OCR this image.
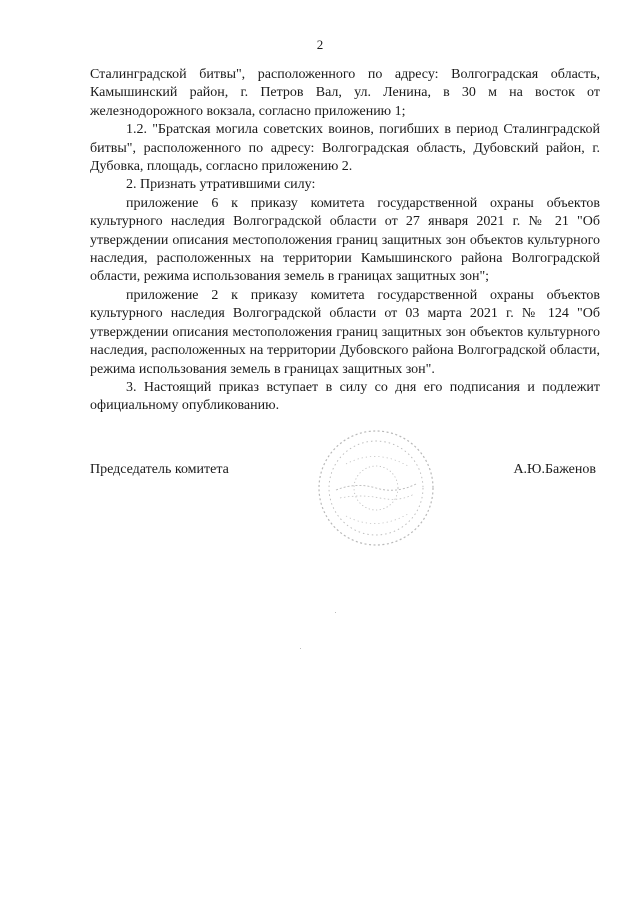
2

Сталинградской битвы", расположенного по адресу: Волгоградская область, Камышинский район, г. Петров Вал, ул. Ленина, в 30 м на восток от железнодорожного вокзала, согласно приложению 1;

1.2. "Братская могила советских воинов, погибших в период Сталинградской битвы", расположенного по адресу: Волгоградская область, Дубовский район, г. Дубовка, площадь, согласно приложению 2.

2. Признать утратившими силу:

приложение 6 к приказу комитета государственной охраны объектов культурного наследия Волгоградской области от 27 января 2021 г. № 21 "Об утверждении описания местоположения границ защитных зон объектов культурного наследия, расположенных на территории Камышинского района Волгоградской области, режима использования земель в границах защитных зон";

приложение 2 к приказу комитета государственной охраны объектов культурного наследия Волгоградской области от 03 марта 2021 г. № 124 "Об утверждении описания местоположения границ защитных зон объектов культурного наследия, расположенных на территории Дубовского района Волгоградской области, режима использования земель в границах защитных зон".

3. Настоящий приказ вступает в силу со дня его подписания и подлежит официальному опубликованию.

Председатель комитета	А.Ю.Баженов
